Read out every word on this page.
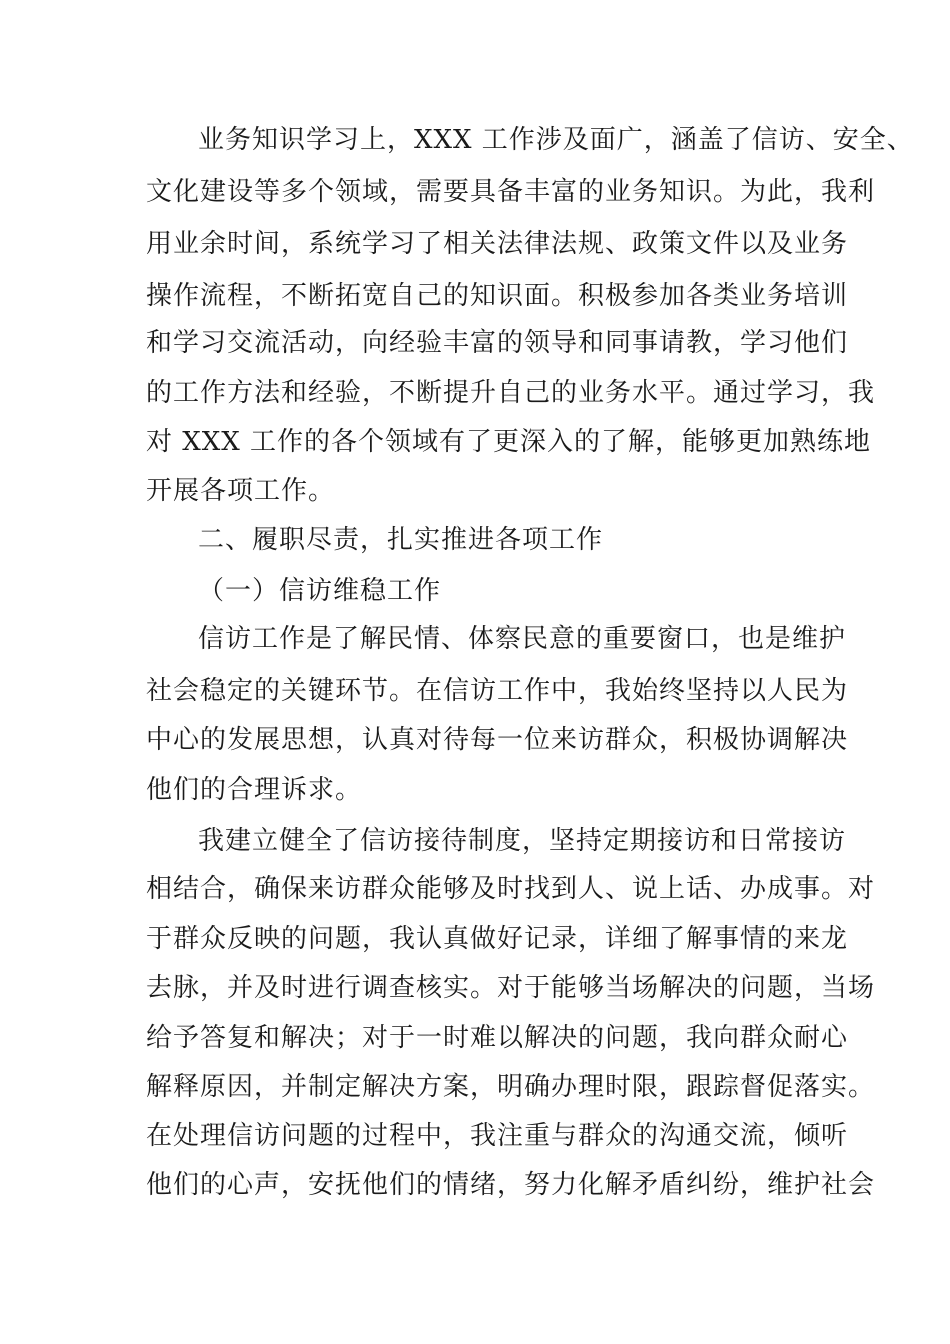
业务知识学习上，XXX 工作涉及面广，涵盖了信访、安全、
文化建设等多个领域，需要具备丰富的业务知识。为此，我利
用业余时间，系统学习了相关法律法规、政策文件以及业务
操作流程，不断拓宽自己的知识面。积极参加各类业务培训
和学习交流活动，向经验丰富的领导和同事请教，学习他们
的工作方法和经验，不断提升自己的业务水平。通过学习，我
对 XXX 工作的各个领域有了更深入的了解，能够更加熟练地
开展各项工作。
二、履职尽责，扎实推进各项工作
（一）信访维稳工作
信访工作是了解民情、体察民意的重要窗口，也是维护
社会稳定的关键环节。在信访工作中，我始终坚持以人民为
中心的发展思想，认真对待每一位来访群众，积极协调解决
他们的合理诉求。
我建立健全了信访接待制度，坚持定期接访和日常接访
相结合，确保来访群众能够及时找到人、说上话、办成事。对
于群众反映的问题，我认真做好记录，详细了解事情的来龙
去脉，并及时进行调查核实。对于能够当场解决的问题，当场
给予答复和解决；对于一时难以解决的问题，我向群众耐心
解释原因，并制定解决方案，明确办理时限，跟踪督促落实。
在处理信访问题的过程中，我注重与群众的沟通交流，倾听
他们的心声，安抚他们的情绪，努力化解矛盾纠纷，维护社会
